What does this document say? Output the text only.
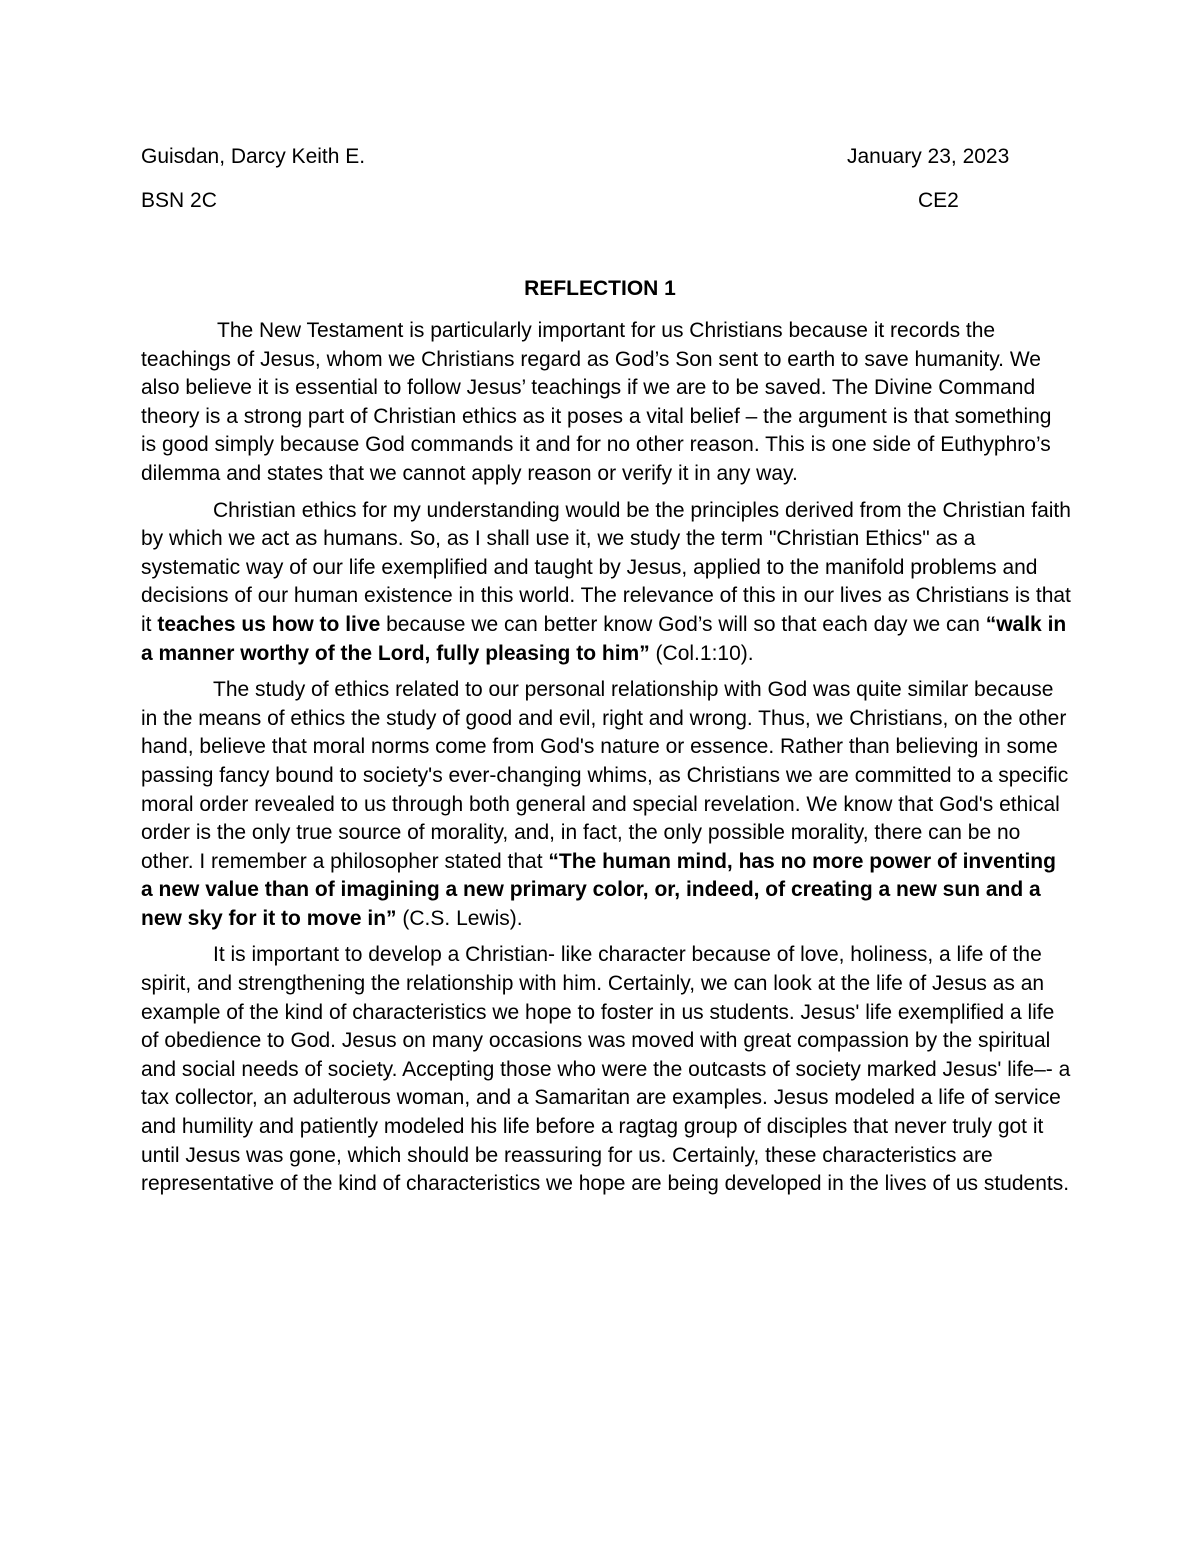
Guisdan, Darcy Keith E.	January 23, 2023
BSN 2C	CE2
REFLECTION 1

The New Testament is particularly important for us Christians because it records the teachings of Jesus, whom we Christians regard as God’s Son sent to earth to save humanity. We also believe it is essential to follow Jesus’ teachings if we are to be saved. The Divine Command theory is a strong part of Christian ethics as it poses a vital belief – the argument is that something is good simply because God commands it and for no other reason. This is one side of Euthyphro’s dilemma and states that we cannot apply reason or verify it in any way.

Christian ethics for my understanding would be the principles derived from the Christian faith by which we act as humans. So, as I shall use it, we study the term "Christian Ethics" as a systematic way of our life exemplified and taught by Jesus, applied to the manifold problems and decisions of our human existence in this world. The relevance of this in our lives as Christians is that it teaches us how to live because we can better know God’s will so that each day we can “walk in a manner worthy of the Lord, fully pleasing to him” (Col.1:10).

The study of ethics related to our personal relationship with God was quite similar because in the means of ethics the study of good and evil, right and wrong. Thus, we Christians, on the other hand, believe that moral norms come from God's nature or essence. Rather than believing in some passing fancy bound to society's ever-changing whims, as Christians we are committed to a specific moral order revealed to us through both general and special revelation. We know that God's ethical order is the only true source of morality, and, in fact, the only possible morality, there can be no other. I remember a philosopher stated that “The human mind, has no more power of inventing a new value than of imagining a new primary color, or, indeed, of creating a new sun and a new sky for it to move in” (C.S. Lewis).

It is important to develop a Christian- like character because of love, holiness, a life of the spirit, and strengthening the relationship with him. Certainly, we can look at the life of Jesus as an example of the kind of characteristics we hope to foster in us students. Jesus' life exemplified a life of obedience to God. Jesus on many occasions was moved with great compassion by the spiritual and social needs of society. Accepting those who were the outcasts of society marked Jesus' life–- a tax collector, an adulterous woman, and a Samaritan are examples. Jesus modeled a life of service and humility and patiently modeled his life before a ragtag group of disciples that never truly got it until Jesus was gone, which should be reassuring for us. Certainly, these characteristics are representative of the kind of characteristics we hope are being developed in the lives of us students.
